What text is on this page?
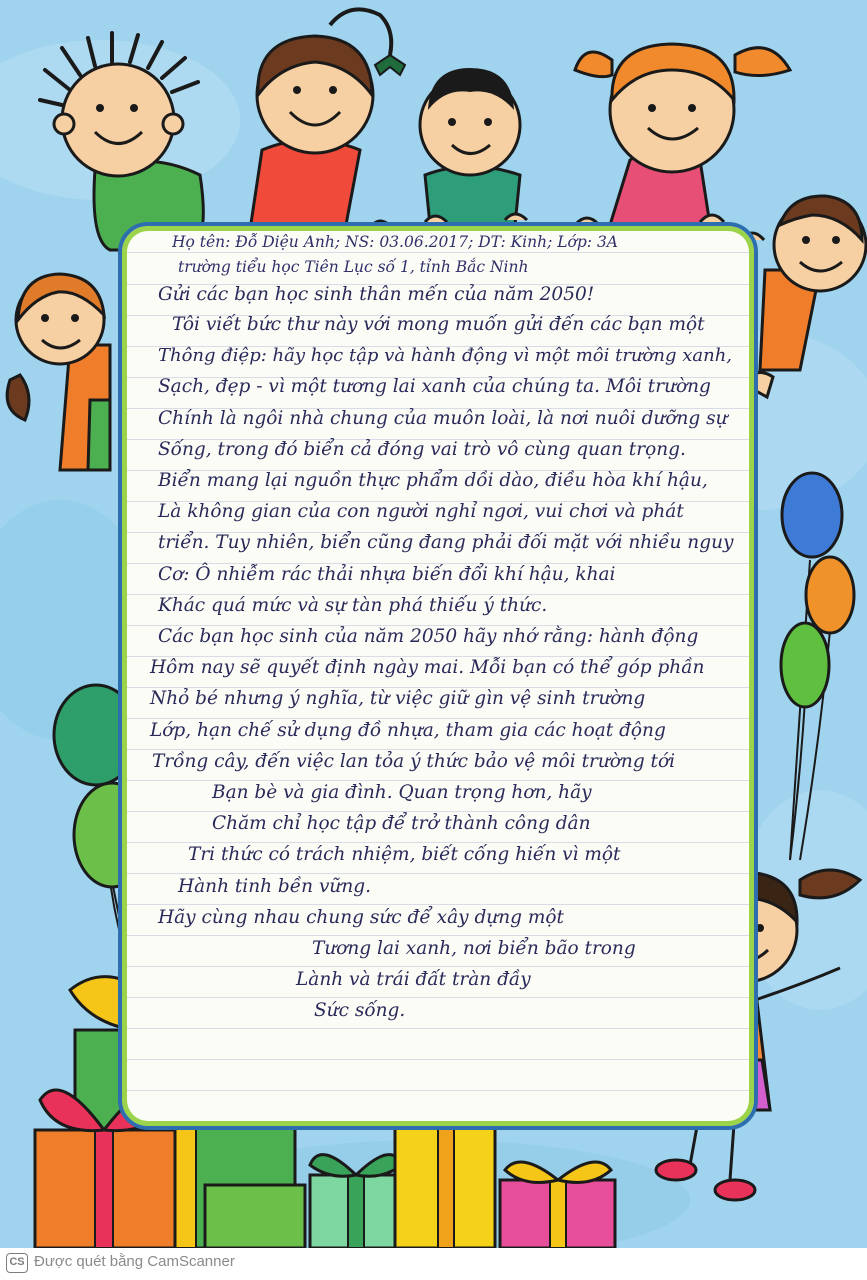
Họ tên: Đỗ Diệu Anh; NS: 03.06.2017; DT: Kinh; Lớp: 3A
trường tiểu học Tiên Lục số 1, tỉnh Bắc Ninh
Gửi các bạn học sinh thân mến của năm 2050!
Tôi viết bức thư này với mong muốn gửi đến các bạn một
Thông điệp: hãy học tập và hành động vì một môi trường xanh,
Sạch, đẹp - vì một tương lai xanh của chúng ta. Môi trường
Chính là ngôi nhà chung của muôn loài, là nơi nuôi dưỡng sự
Sống, trong đó biển cả đóng vai trò vô cùng quan trọng.
Biển mang lại nguồn thực phẩm dồi dào, điều hòa khí hậu,
Là không gian của con người nghỉ ngơi, vui chơi và phát
triển. Tuy nhiên, biển cũng đang phải đối mặt với nhiều nguy
Cơ: Ô nhiễm rác thải nhựa biến đổi khí hậu, khai
Khác quá mức và sự tàn phá thiếu ý thức.
Các bạn học sinh của năm 2050 hãy nhớ rằng: hành động
Hôm nay sẽ quyết định ngày mai. Mỗi bạn có thể góp phần
Nhỏ bé nhưng ý nghĩa, từ việc giữ gìn vệ sinh trường
Lớp, hạn chế sử dụng đồ nhựa, tham gia các hoạt động
Trồng cây, đến việc lan tỏa ý thức bảo vệ môi trường tới
Bạn bè và gia đình. Quan trọng hơn, hãy
Chăm chỉ học tập để trở thành công dân
Tri thức có trách nhiệm, biết cống hiến vì một
Hành tinh bền vững.
Hãy cùng nhau chung sức để xây dựng một
Tương lai xanh, nơi biển bão trong
Lành và trái đất tràn đầy
Sức sống.
CS Được quét bằng CamScanner
